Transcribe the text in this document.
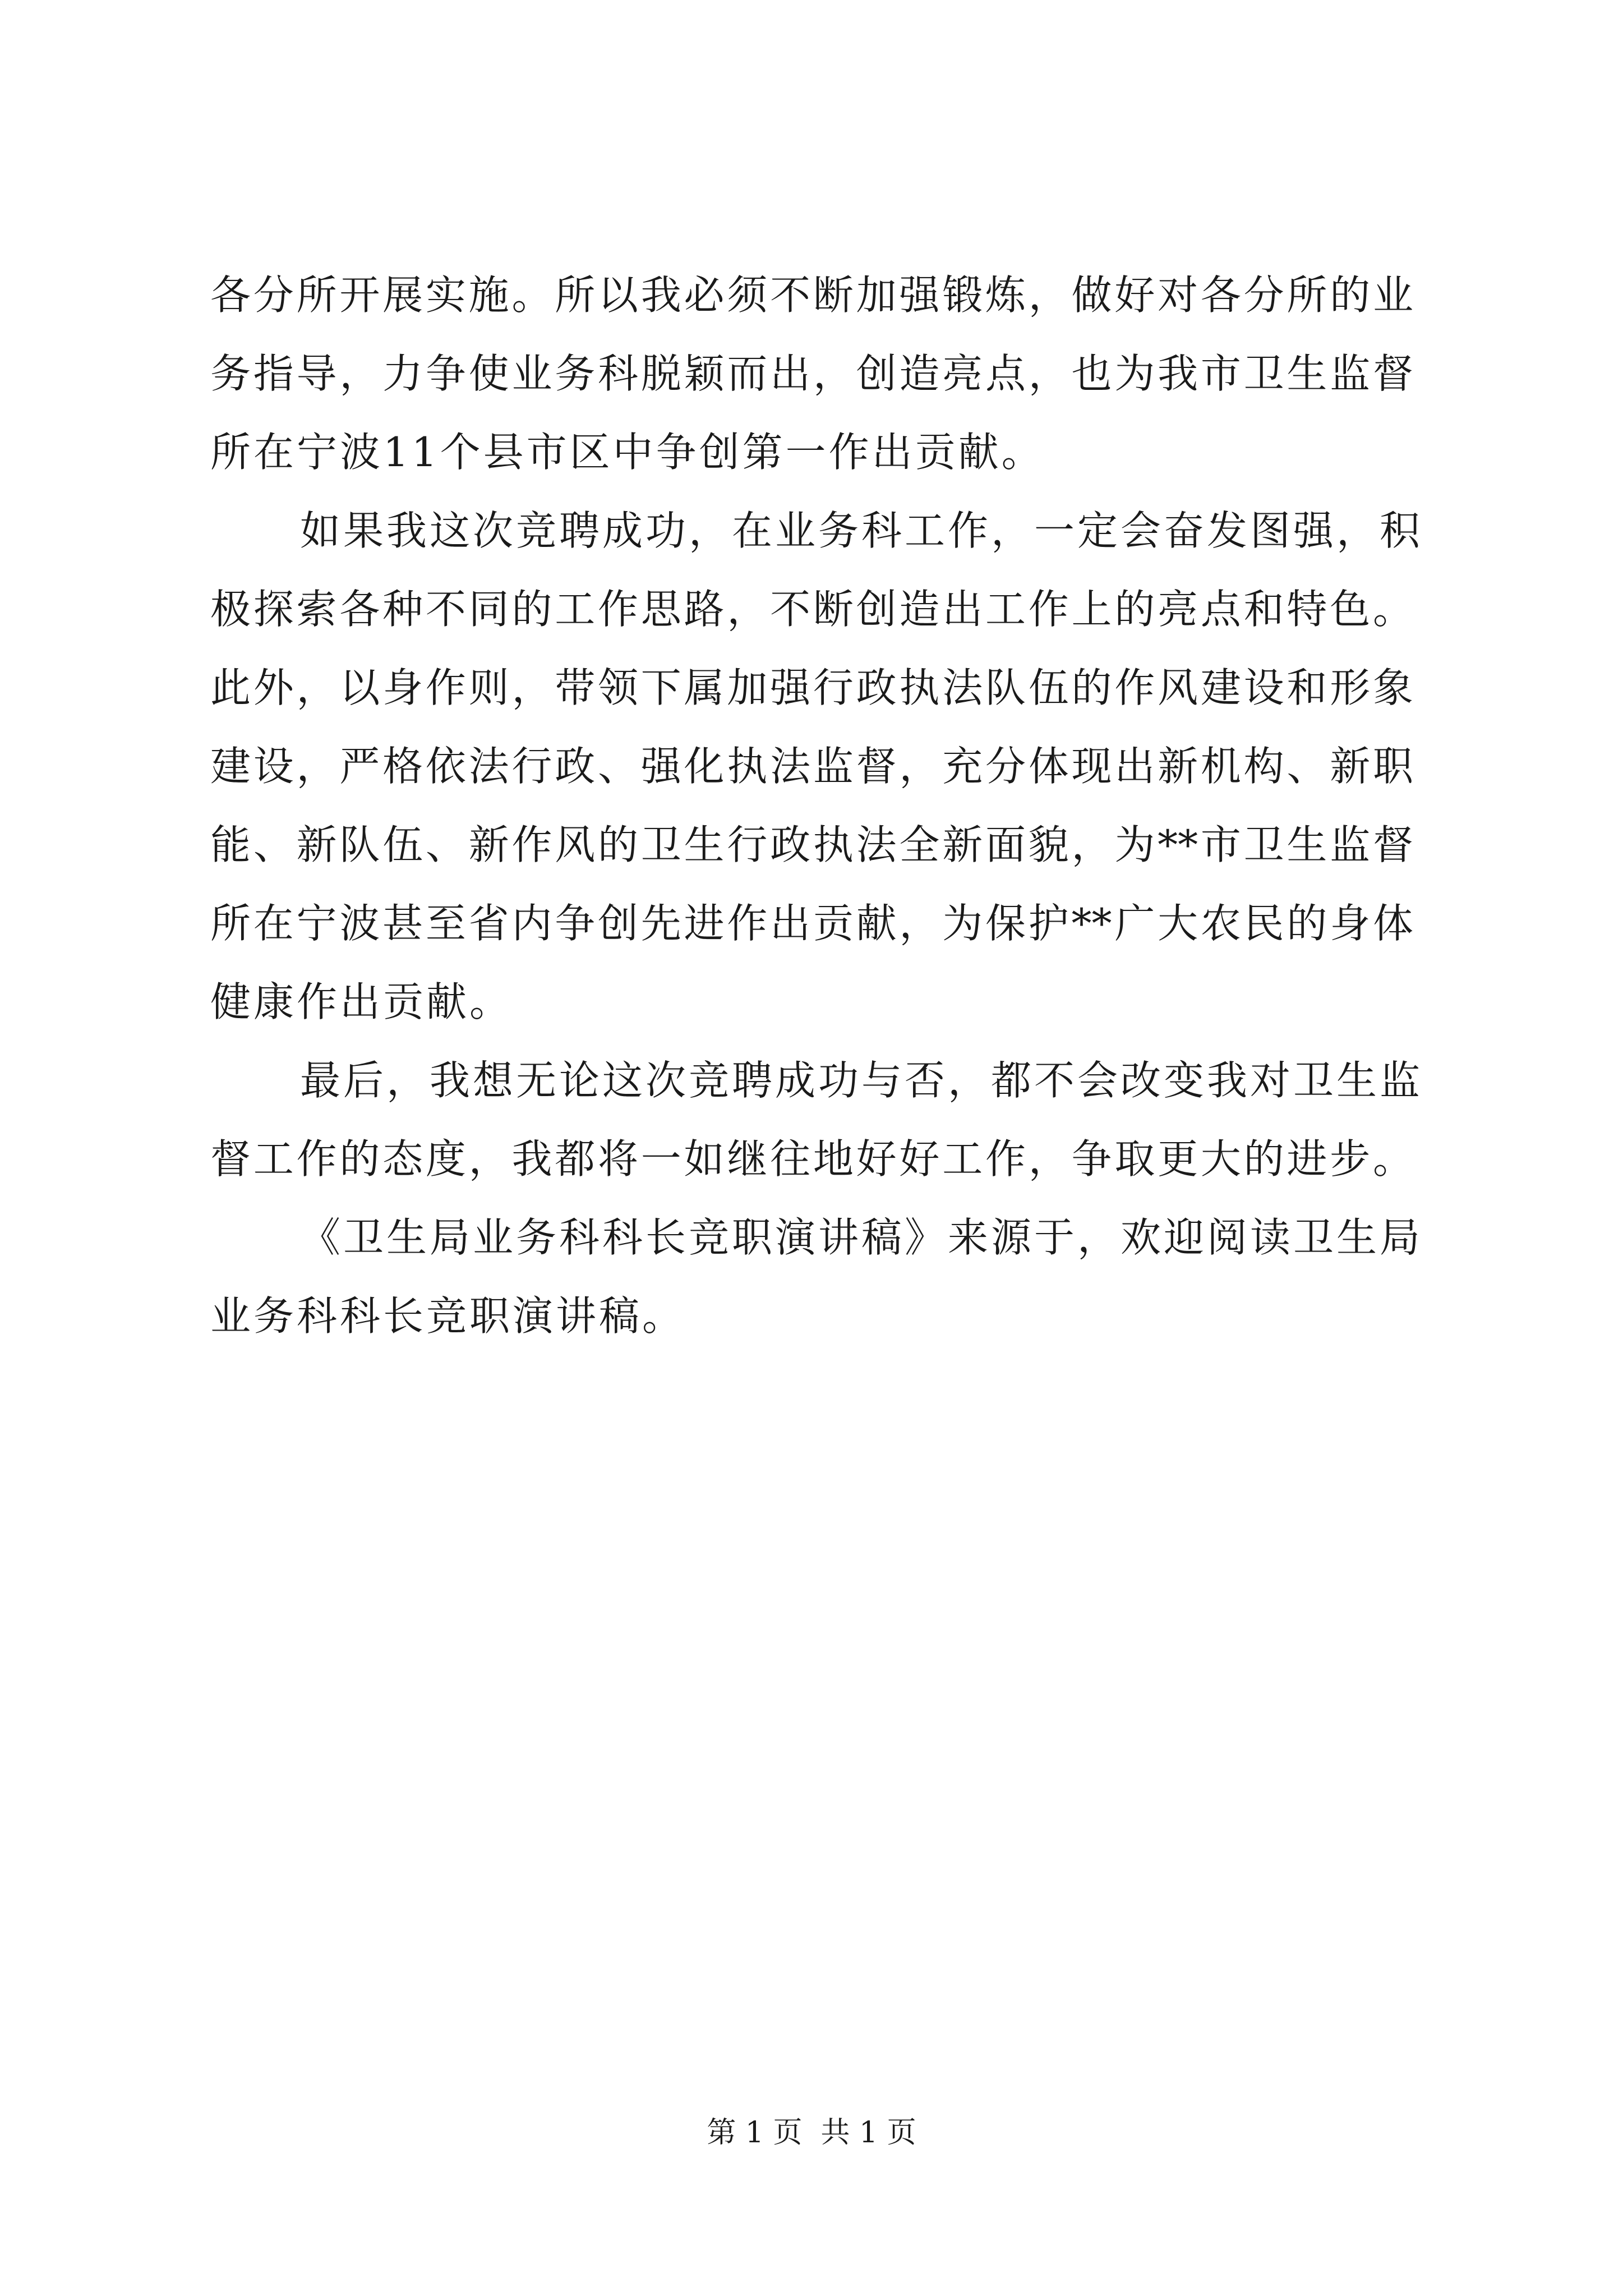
各分所开展实施。所以我必须不断加强锻炼，做好对各分所的业
务指导，力争使业务科脱颖而出，创造亮点，也为我市卫生监督
所在宁波11个县市区中争创第一作出贡献。
如果我这次竞聘成功，在业务科工作，一定会奋发图强，积
极探索各种不同的工作思路，不断创造出工作上的亮点和特色。
此外，以身作则，带领下属加强行政执法队伍的作风建设和形象
建设，严格依法行政、强化执法监督，充分体现出新机构、新职
能、新队伍、新作风的卫生行政执法全新面貌，为**市卫生监督
所在宁波甚至省内争创先进作出贡献，为保护**广大农民的身体
健康作出贡献。
最后，我想无论这次竞聘成功与否，都不会改变我对卫生监
督工作的态度，我都将一如继往地好好工作，争取更大的进步。
《卫生局业务科科长竞职演讲稿》来源于，欢迎阅读卫生局
业务科科长竞职演讲稿。
第 1 页  共 1 页
